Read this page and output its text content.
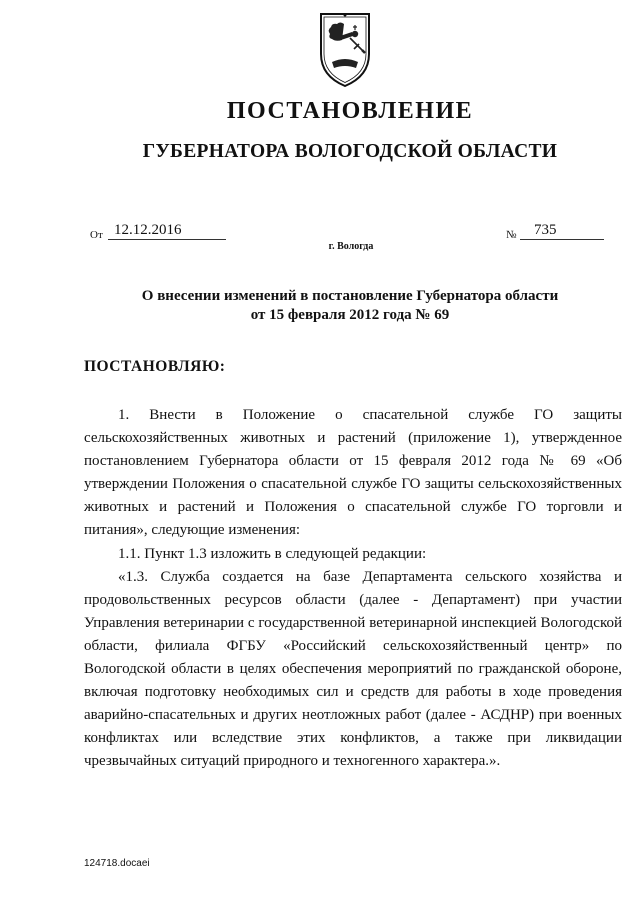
ПОСТАНОВЛЕНИЕ
ГУБЕРНАТОРА ВОЛОГОДСКОЙ ОБЛАСТИ
От 12.12.2016	№	735
г. Вологда
О внесении изменений в постановление Губернатора области
от 15 февраля 2012 года № 69
ПОСТАНОВЛЯЮ:

1. Внести в Положение о спасательной службе ГО защиты сельскохозяйственных животных и растений (приложение 1), утвержденное постановлением Губернатора области от 15 февраля 2012 года № 69 «Об утверждении Положения о спасательной службе ГО защиты сельскохозяйственных животных и растений и Положения о спасательной службе ГО торговли и питания», следующие изменения:

1.1. Пункт 1.3 изложить в следующей редакции:

«1.3. Служба создается на базе Департамента сельского хозяйства и продовольственных ресурсов области (далее - Департамент) при участии Управления ветеринарии с государственной ветеринарной инспекцией Вологодской области, филиала ФГБУ «Российский сельскохозяйственный центр» по Вологодской области в целях обеспечения мероприятий по гражданской обороне, включая подготовку необходимых сил и средств для работы в ходе проведения аварийно-спасательных и других неотложных работ (далее - АСДНР) при военных конфликтах или вследствие этих конфликтов, а также при ликвидации чрезвычайных ситуаций природного и техногенного характера.».

124718.docaei
